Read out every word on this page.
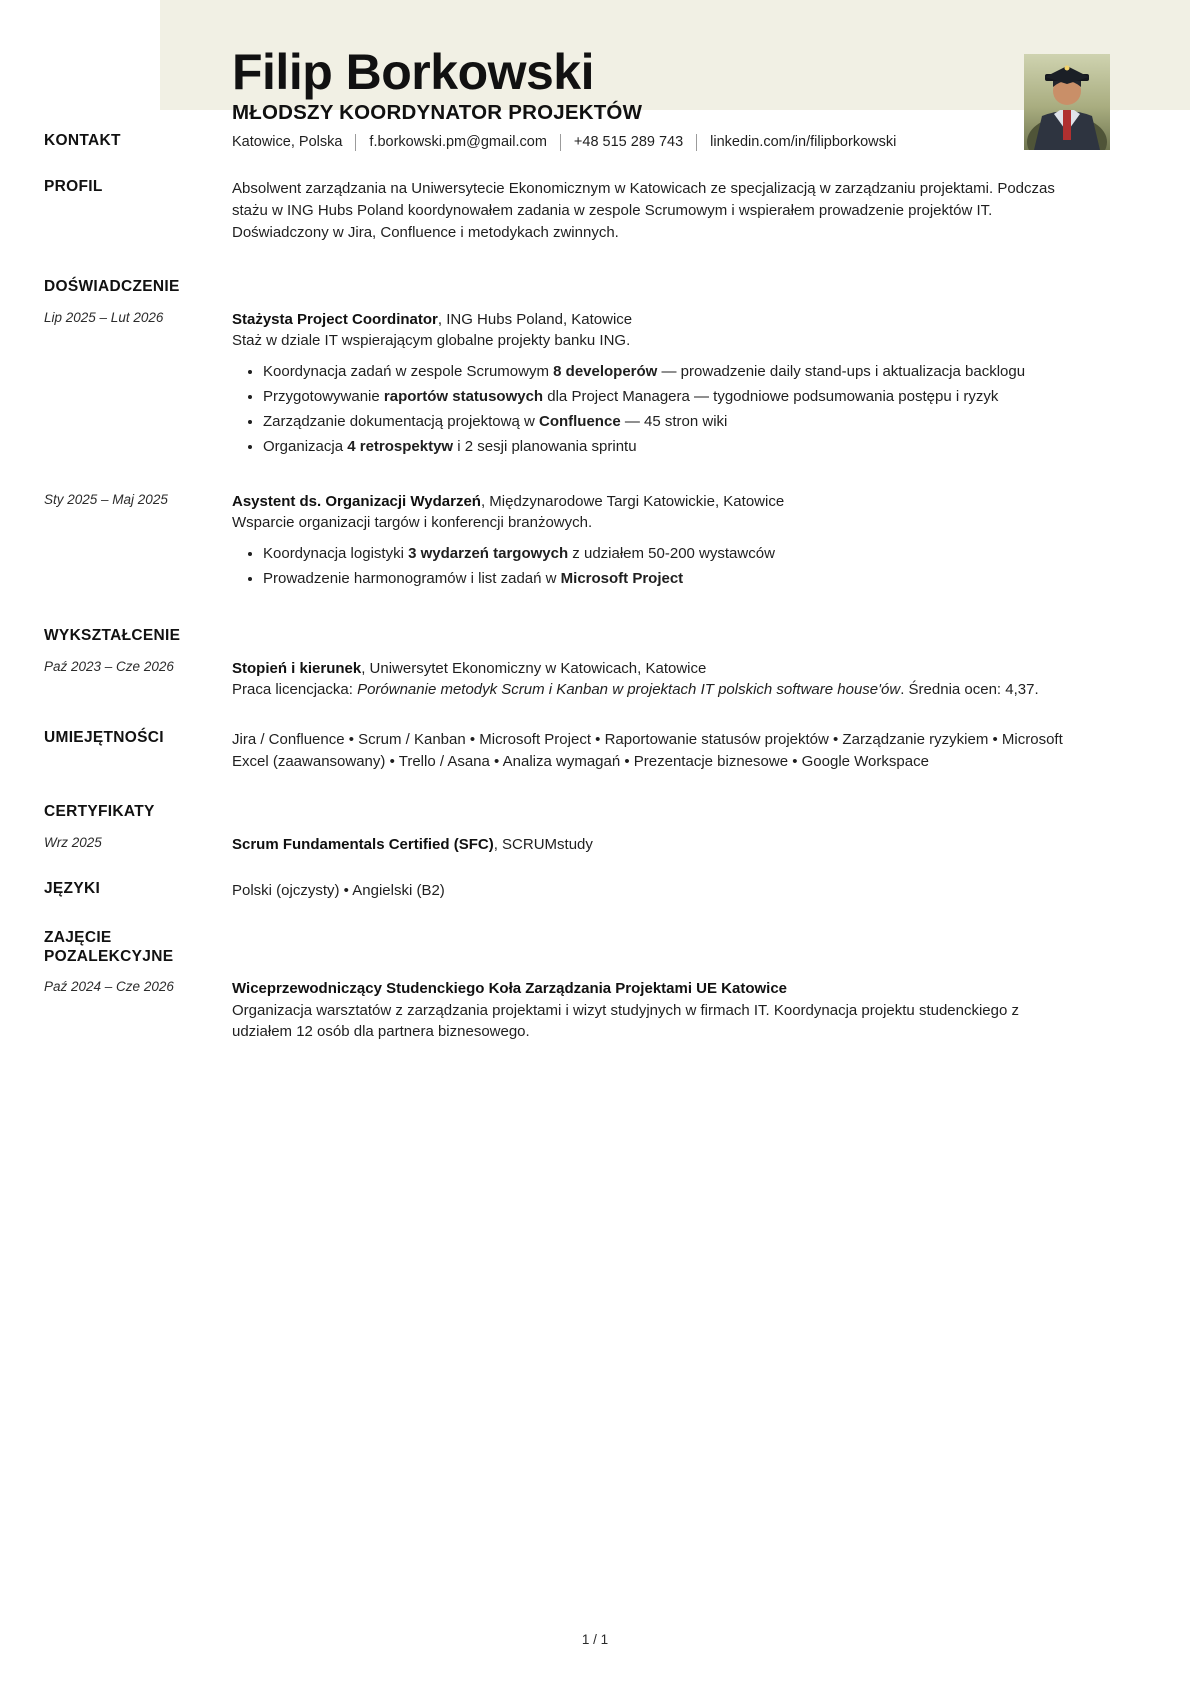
Filip Borkowski
MŁODSZY KOORDYNATOR PROJEKTÓW
KONTAKT	Katowice, Polska f.borkowski.pm@gmail.com +48 515 289 743 linkedin.com/in/filipborkowski
PROFIL	Absolwent zarządzania na Uniwersytecie Ekonomicznym w Katowicach ze specjalizacją w zarządzaniu projektami. Podczas stażu w ING Hubs Poland koordynowałem zadania w zespole Scrumowym i wspierałem prowadzenie projektów IT. Doświadczony w Jira, Confluence i metodykach zwinnych.
DOŚWIADCZENIE
Lip 2025 – Lut 2026	Stażysta Project Coordinator, ING Hubs Poland, Katowice
Staż w dziale IT wspierającym globalne projekty banku ING.
Koordynacja zadań w zespole Scrumowym 8 developerów — prowadzenie daily stand-ups i aktualizacja backlogu
Przygotowywanie raportów statusowych dla Project Managera — tygodniowe podsumowania postępu i ryzyk
Zarządzanie dokumentacją projektową w Confluence — 45 stron wiki
Organizacja 4 retrospektyw i 2 sesji planowania sprintu
Sty 2025 – Maj 2025	Asystent ds. Organizacji Wydarzeń, Międzynarodowe Targi Katowickie, Katowice
Wsparcie organizacji targów i konferencji branżowych.
Koordynacja logistyki 3 wydarzeń targowych z udziałem 50-200 wystawców
Prowadzenie harmonogramów i list zadań w Microsoft Project
WYKSZTAŁCENIE
Paź 2023 – Cze 2026	Stopień i kierunek, Uniwersytet Ekonomiczny w Katowicach, Katowice
Praca licencjacka: Porównanie metodyk Scrum i Kanban w projektach IT polskich software house'ów. Średnia ocen: 4,37.
UMIEJĘTNOŚCI	Jira / Confluence • Scrum / Kanban • Microsoft Project • Raportowanie statusów projektów • Zarządzanie ryzykiem • Microsoft Excel (zaawansowany) • Trello / Asana • Analiza wymagań • Prezentacje biznesowe • Google Workspace
CERTYFIKATY
Wrz 2025	Scrum Fundamentals Certified (SFC), SCRUMstudy
JĘZYKI	Polski (ojczysty) • Angielski (B2)
ZAJĘCIE POZALEKCYJNE
Paź 2024 – Cze 2026	Wiceprzewodniczący Studenckiego Koła Zarządzania Projektami UE Katowice
Organizacja warsztatów z zarządzania projektami i wizyt studyjnych w firmach IT. Koordynacja projektu studenckiego z udziałem 12 osób dla partnera biznesowego.
1 / 1
